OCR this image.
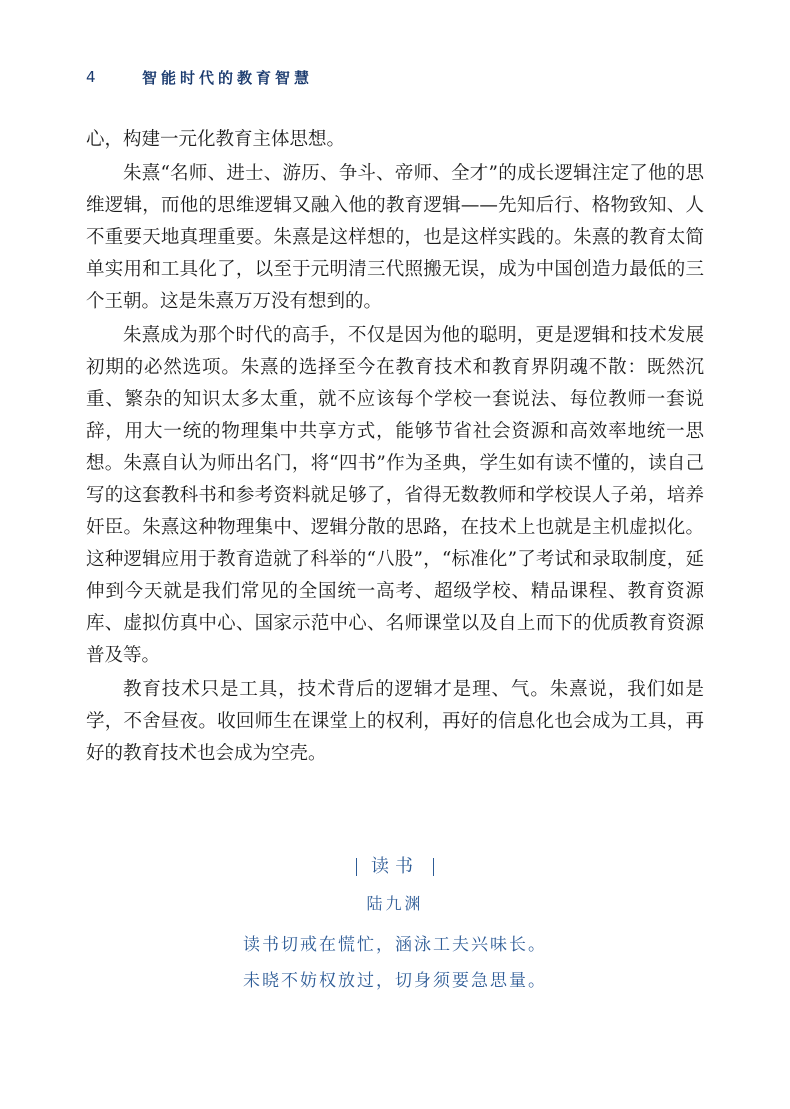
4	智能时代的教育智慧

心，构建一元化教育主体思想。

朱熹“名师、进士、游历、争斗、帝师、全才”的成长逻辑注定了他的思维逻辑，而他的思维逻辑又融入他的教育逻辑——先知后行、格物致知、人不重要天地真理重要。朱熹是这样想的，也是这样实践的。朱熹的教育太简单实用和工具化了，以至于元明清三代照搬无误，成为中国创造力最低的三个王朝。这是朱熹万万没有想到的。

朱熹成为那个时代的高手，不仅是因为他的聪明，更是逻辑和技术发展初期的必然选项。朱熹的选择至今在教育技术和教育界阴魂不散：既然沉重、繁杂的知识太多太重，就不应该每个学校一套说法、每位教师一套说辞，用大一统的物理集中共享方式，能够节省社会资源和高效率地统一思想。朱熹自认为师出名门，将“四书”作为圣典，学生如有读不懂的，读自己写的这套教科书和参考资料就足够了，省得无数教师和学校误人子弟，培养奸臣。朱熹这种物理集中、逻辑分散的思路，在技术上也就是主机虚拟化。这种逻辑应用于教育造就了科举的“八股”，“标准化”了考试和录取制度，延伸到今天就是我们常见的全国统一高考、超级学校、精品课程、教育资源库、虚拟仿真中心、国家示范中心、名师课堂以及自上而下的优质教育资源普及等。

教育技术只是工具，技术背后的逻辑才是理、气。朱熹说，我们如是学，不舍昼夜。收回师生在课堂上的权利，再好的信息化也会成为工具，再好的教育技术也会成为空壳。

读书
陆九渊
读书切戒在慌忙，涵泳工夫兴味长。
未晓不妨权放过，切身须要急思量。
